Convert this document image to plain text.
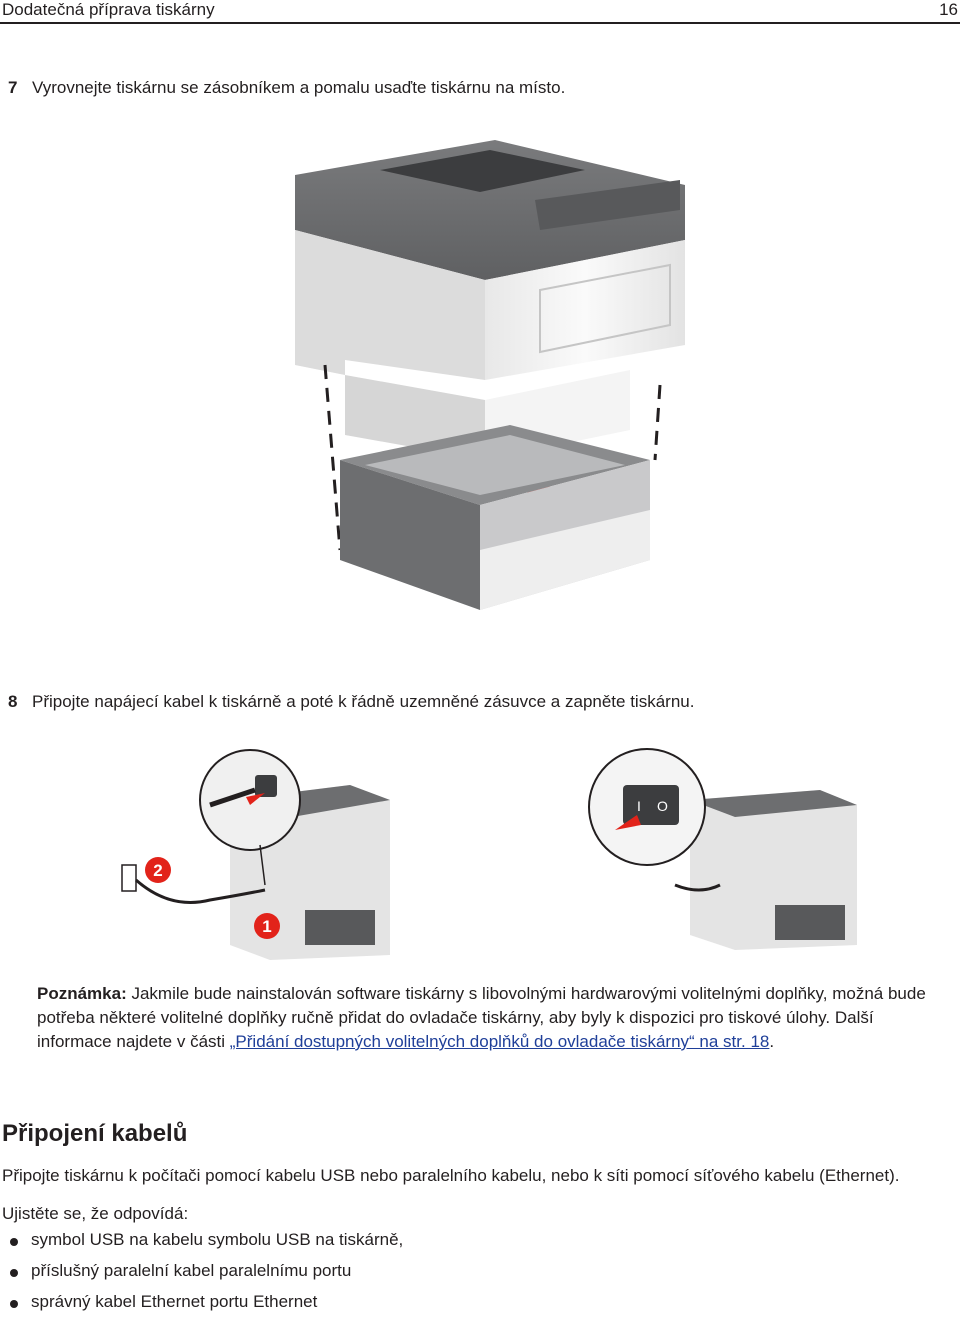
Dodatečná příprava tiskárny	16
7 Vyrovnejte tiskárnu se zásobníkem a pomalu usaďte tiskárnu na místo.
8 Připojte napájecí kabel k tiskárně a poté k řádně uzemněné zásuvce a zapněte tiskárnu.
2
1
I O
Poznámka: Jakmile bude nainstalován software tiskárny s libovolnými hardwarovými volitelnými doplňky, možná bude potřeba některé volitelné doplňky ručně přidat do ovladače tiskárny, aby byly k dispozici pro tiskové úlohy. Další informace najdete v části „Přidání dostupných volitelných doplňků do ovladače tiskárny“ na str. 18.
Připojení kabelů

Připojte tiskárnu k počítači pomocí kabelu USB nebo paralelního kabelu, nebo k síti pomocí síťového kabelu (Ethernet).

Ujistěte se, že odpovídá:

symbol USB na kabelu symbolu USB na tiskárně,
příslušný paralelní kabel paralelnímu portu
správný kabel Ethernet portu Ethernet
